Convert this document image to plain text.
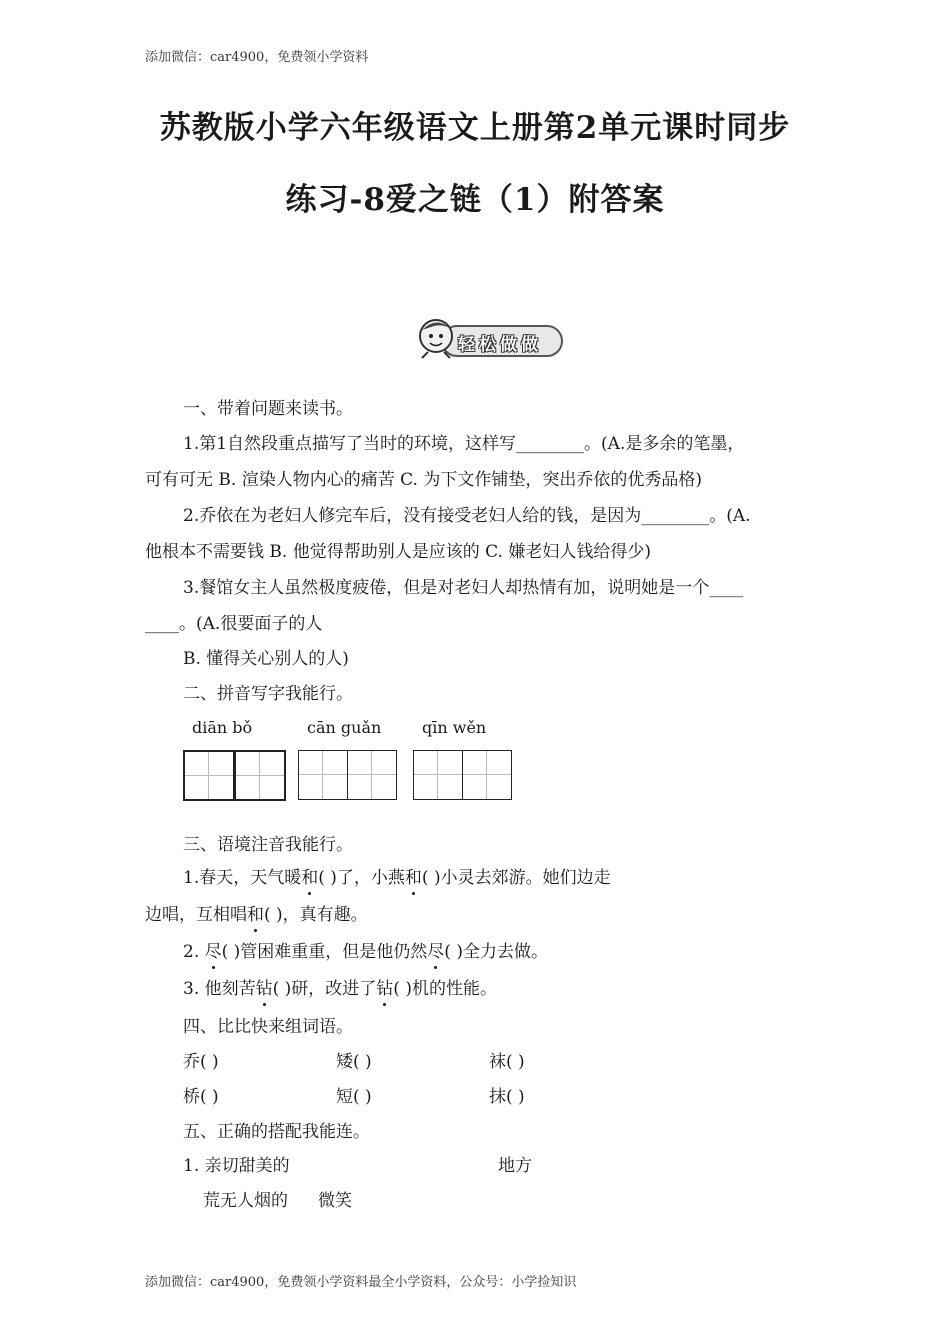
添加微信：car4900，免费领小学资料
苏教版小学六年级语文上册第2单元课时同步
练习-8爱之链（1）附答案
轻松做做
一、带着问题来读书。
1.第1自然段重点描写了当时的环境，这样写________。(A.是多余的笔墨，
可有可无 B. 渲染人物内心的痛苦 C. 为下文作铺垫，突出乔依的优秀品格)
2.乔依在为老妇人修完车后，没有接受老妇人给的钱，是因为________。(A.
他根本不需要钱 B. 他觉得帮助别人是应该的 C. 嫌老妇人钱给得少)
3.餐馆女主人虽然极度疲倦，但是对老妇人却热情有加，说明她是一个____
____。(A.很要面子的人
B. 懂得关心别人的人)
二、拼音写字我能行。
diān bǒ	cān guǎn	qīn wěn
三、语境注音我能行。
1.春天，天气暖和( )了，小燕和( )小灵去郊游。她们边走
边唱，互相唱和( )，真有趣。
2. 尽( )管困难重重，但是他仍然尽( )全力去做。
3. 他刻苦钻( )研，改进了钻( )机的性能。
四、比比快来组词语。
乔( )	矮( )	袜( )
桥( )	短( )	抹( )
五、正确的搭配我能连。
1. 亲切甜美的	地方
荒无人烟的 微笑
添加微信：car4900，免费领小学资料最全小学资料，公众号：小学捡知识
